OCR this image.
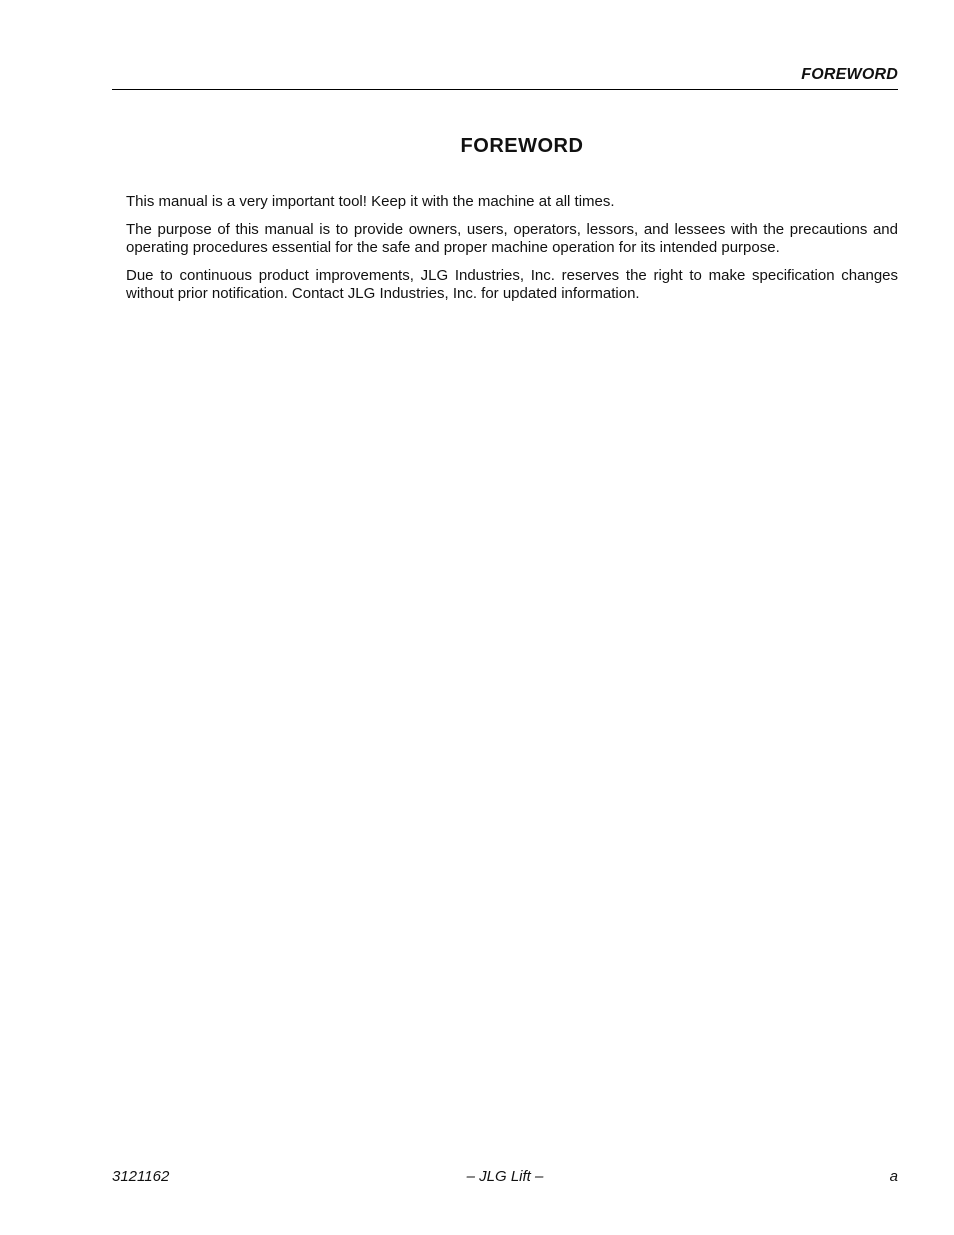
FOREWORD
FOREWORD

This manual is a very important tool! Keep it with the machine at all times.

The purpose of this manual is to provide owners, users, operators, lessors, and lessees with the precautions and operating procedures essential for the safe and proper machine operation for its intended purpose.

Due to continuous product improvements, JLG Industries, Inc. reserves the right to make specification changes without prior notification. Contact JLG Industries, Inc. for updated information.

– JLG Lift –
3121162	a
